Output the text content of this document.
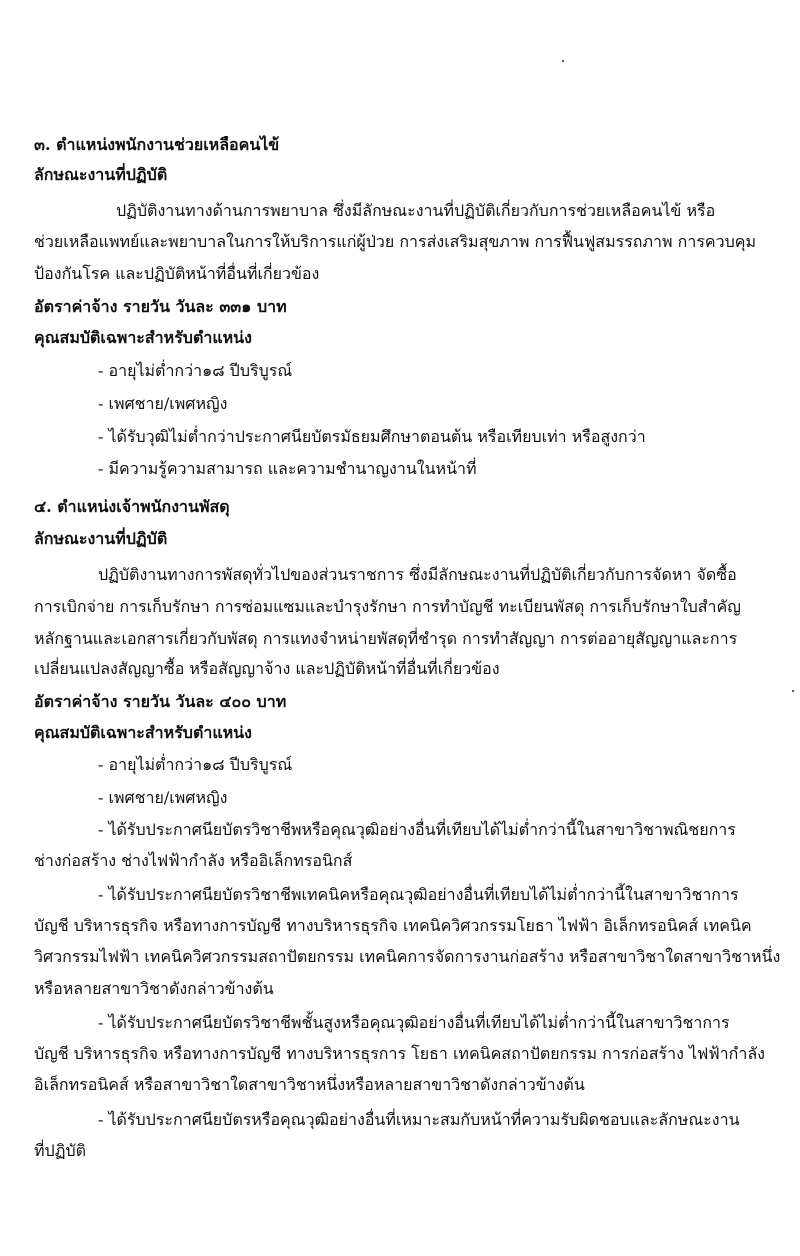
๓. ตำแหน่งพนักงานช่วยเหลือคนไข้

ลักษณะงานที่ปฏิบัติ

ปฏิบัติงานทางด้านการพยาบาล ซึ่งมีลักษณะงานที่ปฏิบัติเกี่ยวกับการช่วยเหลือคนไข้ หรือ

ช่วยเหลือแพทย์และพยาบาลในการให้บริการแก่ผู้ป่วย การส่งเสริมสุขภาพ การฟื้นฟูสมรรถภาพ การควบคุม

ป้องกันโรค และปฏิบัติหน้าที่อื่นที่เกี่ยวข้อง

อัตราค่าจ้าง รายวัน วันละ ๓๓๑ บาท

คุณสมบัติเฉพาะสำหรับตำแหน่ง

- อายุไม่ต่ำกว่า๑๘ ปีบริบูรณ์

- เพศชาย/เพศหญิง

- ได้รับวุฒิไม่ต่ำกว่าประกาศนียบัตรมัธยมศึกษาตอนต้น หรือเทียบเท่า หรือสูงกว่า

- มีความรู้ความสามารถ และความชำนาญงานในหน้าที่

๔. ตำแหน่งเจ้าพนักงานพัสดุ

ลักษณะงานที่ปฏิบัติ

ปฏิบัติงานทางการพัสดุทั่วไปของส่วนราชการ ซึ่งมีลักษณะงานที่ปฏิบัติเกี่ยวกับการจัดหา จัดซื้อ

การเบิกจ่าย การเก็บรักษา การซ่อมแซมและบำรุงรักษา การทำบัญชี ทะเบียนพัสดุ การเก็บรักษาใบสำคัญ

หลักฐานและเอกสารเกี่ยวกับพัสดุ การแทงจำหน่ายพัสดุที่ชำรุด การทำสัญญา การต่ออายุสัญญาและการ

เปลี่ยนแปลงสัญญาซื้อ หรือสัญญาจ้าง และปฏิบัติหน้าที่อื่นที่เกี่ยวข้อง

อัตราค่าจ้าง รายวัน วันละ ๔๐๐ บาท

คุณสมบัติเฉพาะสำหรับตำแหน่ง

- อายุไม่ต่ำกว่า๑๘ ปีบริบูรณ์

- เพศชาย/เพศหญิง

- ได้รับประกาศนียบัตรวิชาชีพหรือคุณวุฒิอย่างอื่นที่เทียบได้ไม่ต่ำกว่านี้ในสาขาวิชาพณิชยการ

ช่างก่อสร้าง ช่างไฟฟ้ากำลัง หรืออิเล็กทรอนิกส์

- ได้รับประกาศนียบัตรวิชาชีพเทคนิคหรือคุณวุฒิอย่างอื่นที่เทียบได้ไม่ต่ำกว่านี้ในสาขาวิชาการ

บัญชี บริหารธุรกิจ หรือทางการบัญชี ทางบริหารธุรกิจ เทคนิควิศวกรรมโยธา ไฟฟ้า อิเล็กทรอนิคส์ เทคนิค

วิศวกรรมไฟฟ้า เทคนิควิศวกรรมสถาปัตยกรรม เทคนิคการจัดการงานก่อสร้าง หรือสาขาวิชาใดสาขาวิชาหนึ่ง

หรือหลายสาขาวิชาดังกล่าวข้างต้น

- ได้รับประกาศนียบัตรวิชาชีพชั้นสูงหรือคุณวุฒิอย่างอื่นที่เทียบได้ไม่ต่ำกว่านี้ในสาขาวิชาการ

บัญชี บริหารธุรกิจ หรือทางการบัญชี ทางบริหารธุรการ โยธา เทคนิคสถาปัตยกรรม การก่อสร้าง ไฟฟ้ากำลัง

อิเล็กทรอนิคส์ หรือสาขาวิชาใดสาขาวิชาหนึ่งหรือหลายสาขาวิชาดังกล่าวข้างต้น

- ได้รับประกาศนียบัตรหรือคุณวุฒิอย่างอื่นที่เหมาะสมกับหน้าที่ความรับผิดชอบและลักษณะงาน

ที่ปฏิบัติ
